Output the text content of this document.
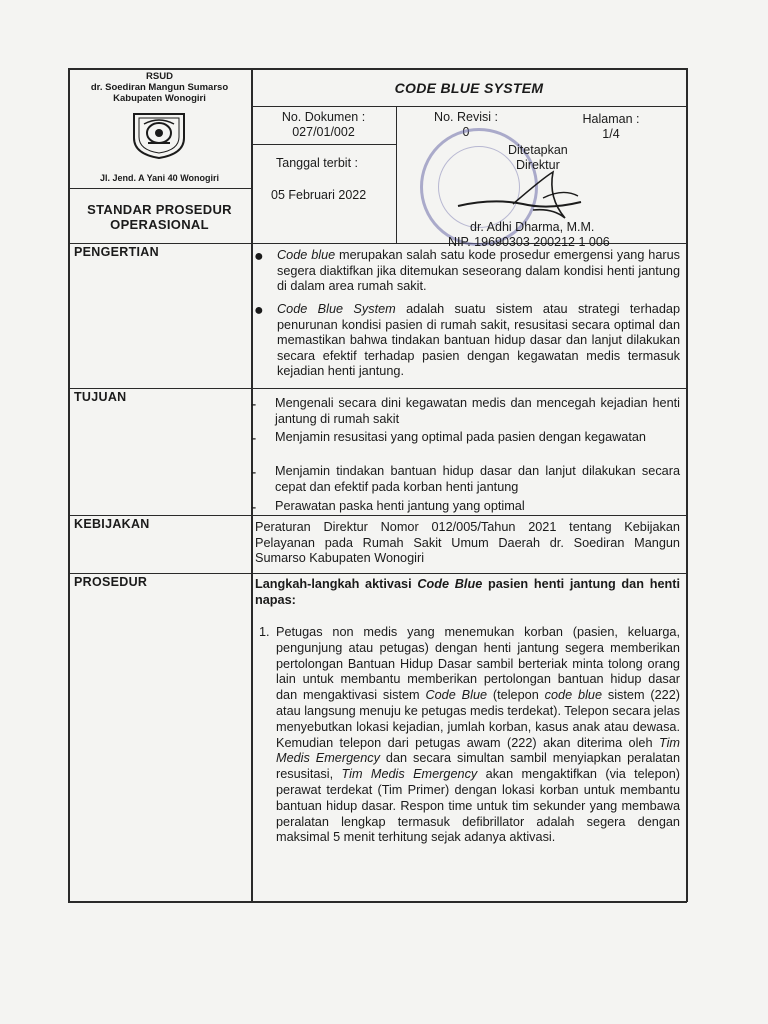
RSUD
dr. Soediran Mangun Sumarso
Kabupaten Wonogiri
Jl. Jend. A Yani 40 Wonogiri
STANDAR PROSEDUR
OPERASIONAL
CODE BLUE SYSTEM
No. Dokumen :
027/01/002
No. Revisi :
0
Halaman :
1/4
Tanggal terbit :
05 Februari 2022
Ditetapkan
Direktur
dr. Adhi Dharma, M.M.
NIP. 19690303 200212 1 006
PENGERTIAN	● Code blue merupakan salah satu kode prosedur emergensi yang harus segera diaktifkan jika ditemukan seseorang dalam kondisi henti jantung di dalam area rumah sakit.
● Code Blue System adalah suatu sistem atau strategi terhadap penurunan kondisi pasien di rumah sakit, resusitasi secara optimal dan memastikan bahwa tindakan bantuan hidup dasar dan lanjut dilakukan secara efektif terhadap pasien dengan kegawatan medis termasuk kejadian henti jantung.
TUJUAN	- Mengenali secara dini kegawatan medis dan mencegah kejadian henti jantung di rumah sakit
- Menjamin resusitasi yang optimal pada pasien dengan kegawatan
- Menjamin tindakan bantuan hidup dasar dan lanjut dilakukan secara cepat dan efektif pada korban henti jantung
- Perawatan paska henti jantung yang optimal
KEBIJAKAN	Peraturan Direktur Nomor 012/005/Tahun 2021 tentang Kebijakan Pelayanan pada Rumah Sakit Umum Daerah dr. Soediran Mangun Sumarso Kabupaten Wonogiri
PROSEDUR	Langkah-langkah aktivasi Code Blue pasien henti jantung dan henti napas:
1. Petugas non medis yang menemukan korban (pasien, keluarga, pengunjung atau petugas) dengan henti jantung segera memberikan pertolongan Bantuan Hidup Dasar sambil berteriak minta tolong orang lain untuk membantu memberikan pertolongan bantuan hidup dasar dan mengaktivasi sistem Code Blue (telepon code blue sistem (222) atau langsung menuju ke petugas medis terdekat). Telepon secara jelas menyebutkan lokasi kejadian, jumlah korban, kasus anak atau dewasa. Kemudian telepon dari petugas awam (222) akan diterima oleh Tim Medis Emergency dan secara simultan sambil menyiapkan peralatan resusitasi, Tim Medis Emergency akan mengaktifkan (via telepon) perawat terdekat (Tim Primer) dengan lokasi korban untuk membantu bantuan hidup dasar. Respon time untuk tim sekunder yang membawa peralatan lengkap termasuk defibrillator adalah segera dengan maksimal 5 menit terhitung sejak adanya aktivasi.
